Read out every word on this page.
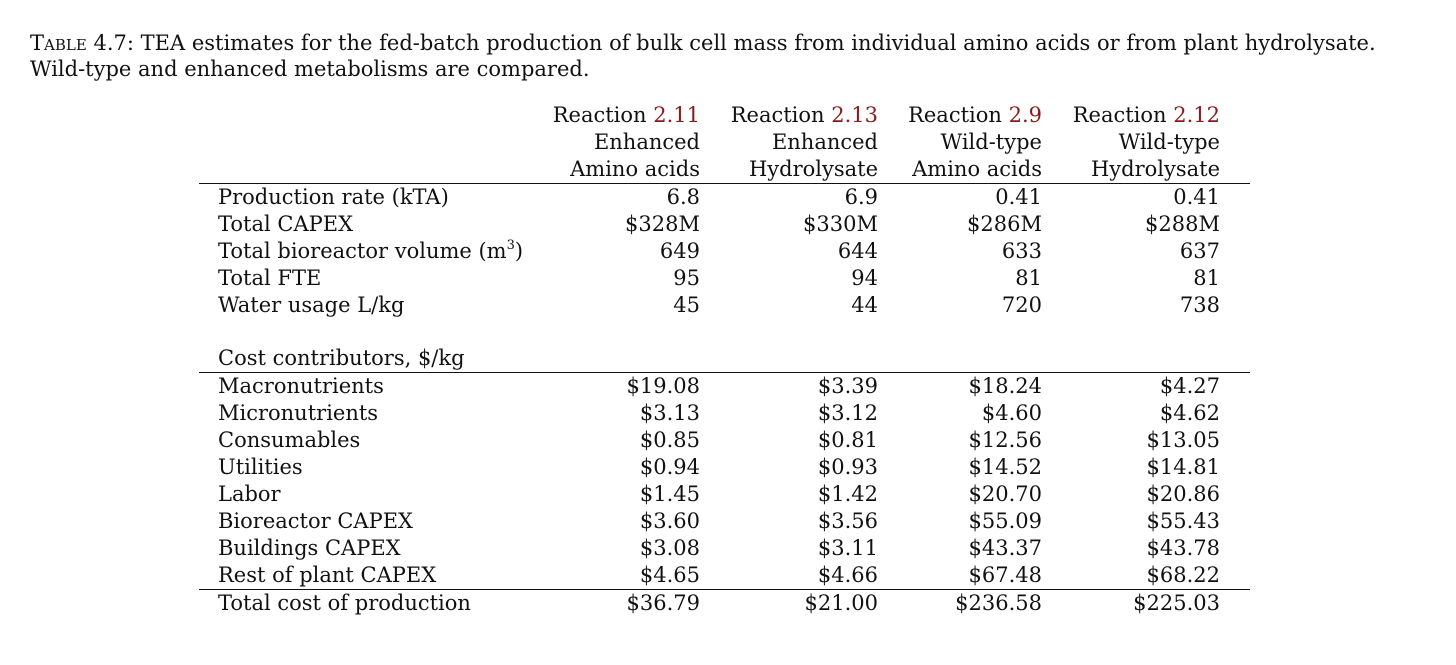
Table 4.7: TEA estimates for the fed-batch production of bulk cell mass from individual amino acids or from plant hydrolysate. Wild-type and enhanced metabolisms are compared.
Reaction 2.11 Reaction 2.13 Reaction 2.9 Reaction 2.12
Enhanced	Enhanced	Wild-type	Wild-type
Amino acids Hydrolysate Amino acids Hydrolysate
Production rate (kTA)	6.8	6.9	0.41	0.41
Total CAPEX	$328M	$330M	$286M	$288M
Total bioreactor volume $(m^3)$	649	644	633	637
Total FTE	95	94	81	81
Water usage L/kg	45	44	720	738
Cost contributors, $/kg
Macronutrients	$19.08	$3.39	$18.24	$4.27
Micronutrients	$3.13	$3.12	$4.60	$4.62
Consumables	$0.85	$0.81	$12.56	$13.05
Utilities	$0.94	$0.93	$14.52	$14.81
Labor	$1.45	$1.42	$20.70	$20.86
Bioreactor CAPEX	$3.60	$3.56	$55.09	$55.43
Buildings CAPEX	$3.08	$3.11	$43.37	$43.78
Rest of plant CAPEX	$4.65	$4.66	$67.48	$68.22
Total cost of production	$36.79	$21.00	$236.58	$225.03
